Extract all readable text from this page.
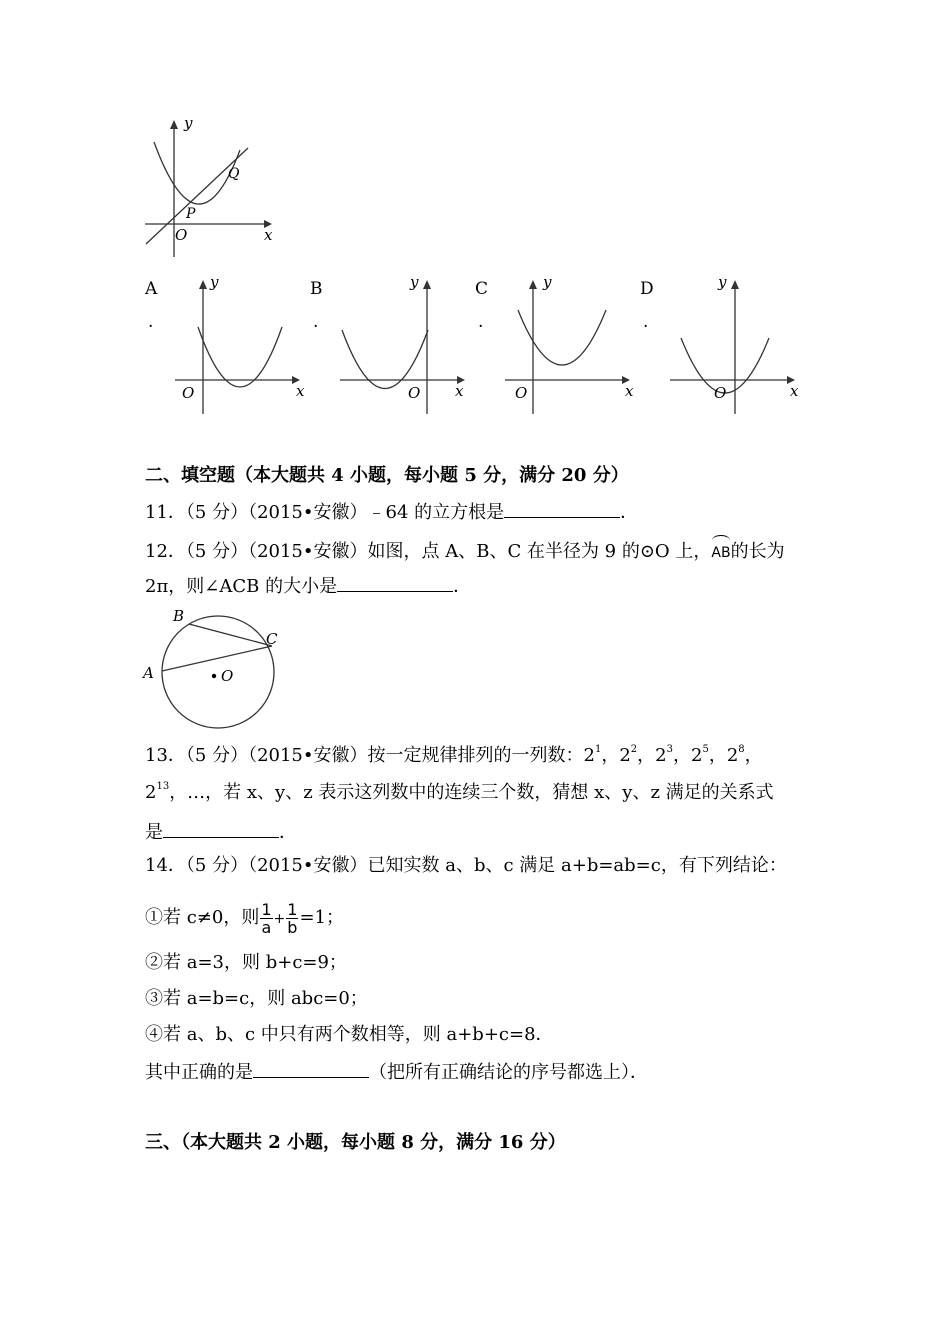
y
x
O
P
Q
A
.
y
x
O
B
.
y
x
O
C
.
y
x
O
D
.
y
x
O
二、填空题（本大题共 4 小题，每小题 5 分，满分 20 分）
11．（5 分）（2015•安徽）﹣64 的立方根是	．
12．（5 分）（2015•安徽）如图，点 A、B、C 在半径为 9 的⊙O 上，AB的长为
2π，则∠ACB 的大小是	．
A
B
C
O
13．（5 分）（2015•安徽）按一定规律排列的一列数：$2^1$，$2^2$，$2^3$，$2^5$，$2^8$，
$2^{13}$，…，若 x、y、z 表示这列数中的连续三个数，猜想 x、y、z 满足的关系式
是	．
14．（5 分）（2015•安徽）已知实数 a、b、c 满足 a+b=ab=c，有下列结论：
①若 c≠0，则 $\frac{1}{a} + \frac{1}{b} =1$；
②若 a=3，则 b+c=9；
③若 a=b=c，则 abc=0；
④若 a、b、c 中只有两个数相等，则 a+b+c=8．
其中正确的是	（把所有正确结论的序号都选上）．
三、（本大题共 2 小题，每小题 8 分，满分 16 分）
